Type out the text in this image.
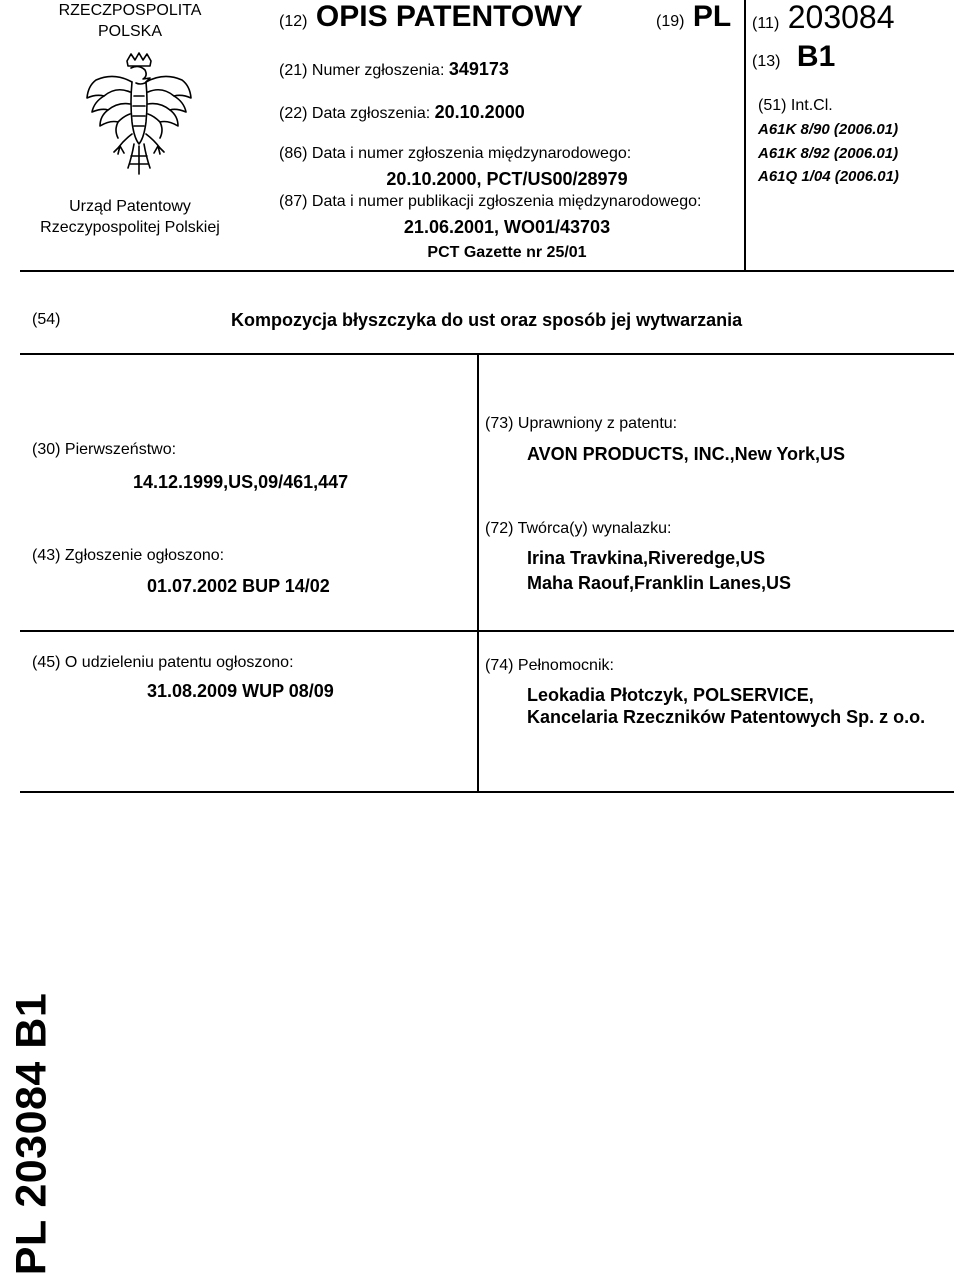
RZECZPOSPOLITA
POLSKA
Urząd Patentowy
Rzeczypospolitej Polskiej
(12) OPIS PATENTOWY
(21) Numer zgłoszenia: 349173
(22) Data zgłoszenia: 20.10.2000
(86) Data i numer zgłoszenia międzynarodowego:
20.10.2000, PCT/US00/28979
(87) Data i numer publikacji zgłoszenia międzynarodowego:
21.06.2001, WO01/43703
PCT Gazette nr 25/01
(19) PL (11) 203084
(13) B1
(51) Int.Cl.
A61K 8/90 (2006.01)
A61K 8/92 (2006.01)
A61Q 1/04 (2006.01)
(54)	Kompozycja błyszczyka do ust oraz sposób jej wytwarzania
(30) Pierwszeństwo:
14.12.1999,US,09/461,447
(43) Zgłoszenie ogłoszono:
01.07.2002 BUP 14/02
(73) Uprawniony z patentu:
AVON PRODUCTS, INC.,New York,US
(72) Twórca(y) wynalazku:
Irina Travkina,Riveredge,US
Maha Raouf,Franklin Lanes,US
(45) O udzieleniu patentu ogłoszono:
31.08.2009 WUP 08/09
(74) Pełnomocnik:
Leokadia Płotczyk, POLSERVICE,
Kancelaria Rzeczników Patentowych Sp. z o.o.
PL 203084 B1
